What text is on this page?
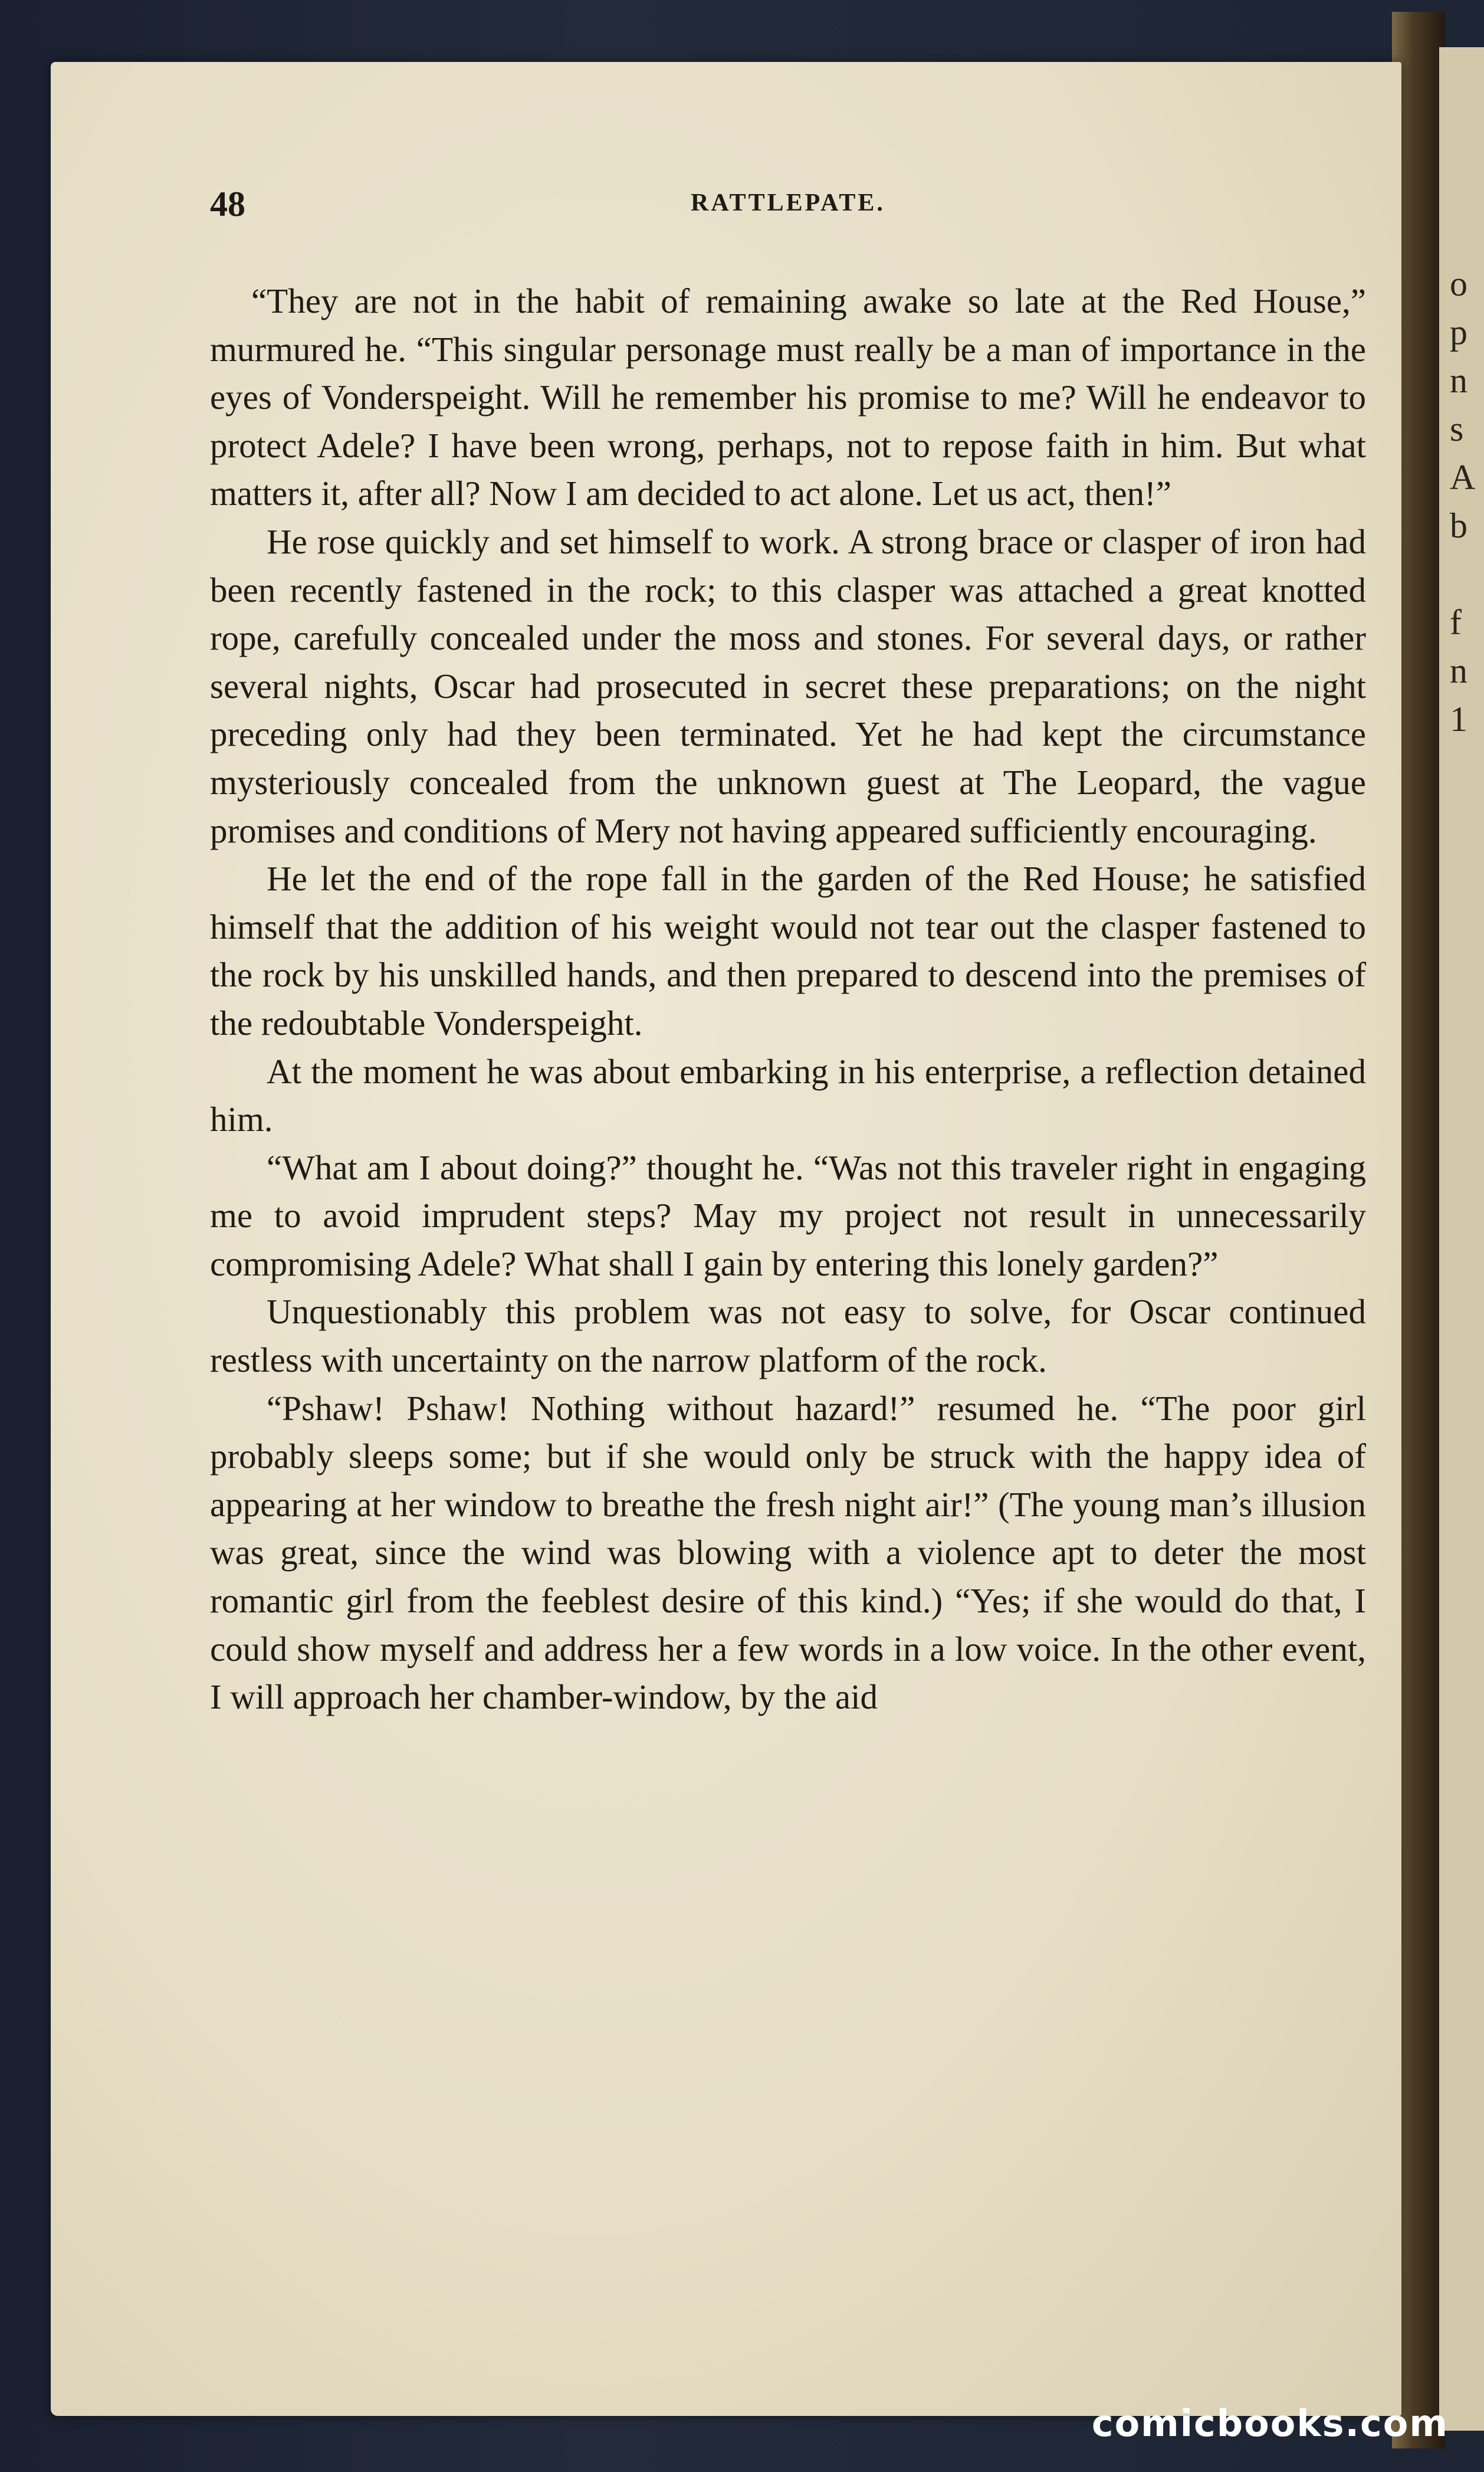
o
p
n
s
A
b

f
n
1
48	RATTLEPATE.

“They are not in the habit of remaining awake so late at the Red House,” murmured he. “This singular personage must really be a man of importance in the eyes of Vonderspeight. Will he remember his promise to me? Will he endeavor to protect Adele? I have been wrong, perhaps, not to repose faith in him. But what matters it, after all? Now I am decided to act alone. Let us act, then!”

He rose quickly and set himself to work. A strong brace or clasper of iron had been recently fastened in the rock; to this clasper was attached a great knotted rope, carefully concealed under the moss and stones. For several days, or rather several nights, Oscar had prosecuted in secret these preparations; on the night preceding only had they been terminated. Yet he had kept the circumstance mysteriously concealed from the unknown guest at The Leopard, the vague promises and conditions of Mery not having appeared sufficiently encouraging.

He let the end of the rope fall in the garden of the Red House; he satisfied himself that the addition of his weight would not tear out the clasper fastened to the rock by his unskilled hands, and then prepared to descend into the premises of the redoubtable Vonderspeight.

At the moment he was about embarking in his enterprise, a reflection detained him.

“What am I about doing?” thought he. “Was not this traveler right in engaging me to avoid imprudent steps? May my project not result in unnecessarily compromising Adele? What shall I gain by entering this lonely garden?”

Unquestionably this problem was not easy to solve, for Oscar continued restless with uncertainty on the narrow platform of the rock.

“Pshaw! Pshaw! Nothing without hazard!” resumed he. “The poor girl probably sleeps some; but if she would only be struck with the happy idea of appearing at her window to breathe the fresh night air!” (The young man’s illusion was great, since the wind was blowing with a violence apt to deter the most romantic girl from the feeblest desire of this kind.) “Yes; if she would do that, I could show myself and address her a few words in a low voice. In the other event, I will approach her chamber-window, by the aid

comicbooks.com
